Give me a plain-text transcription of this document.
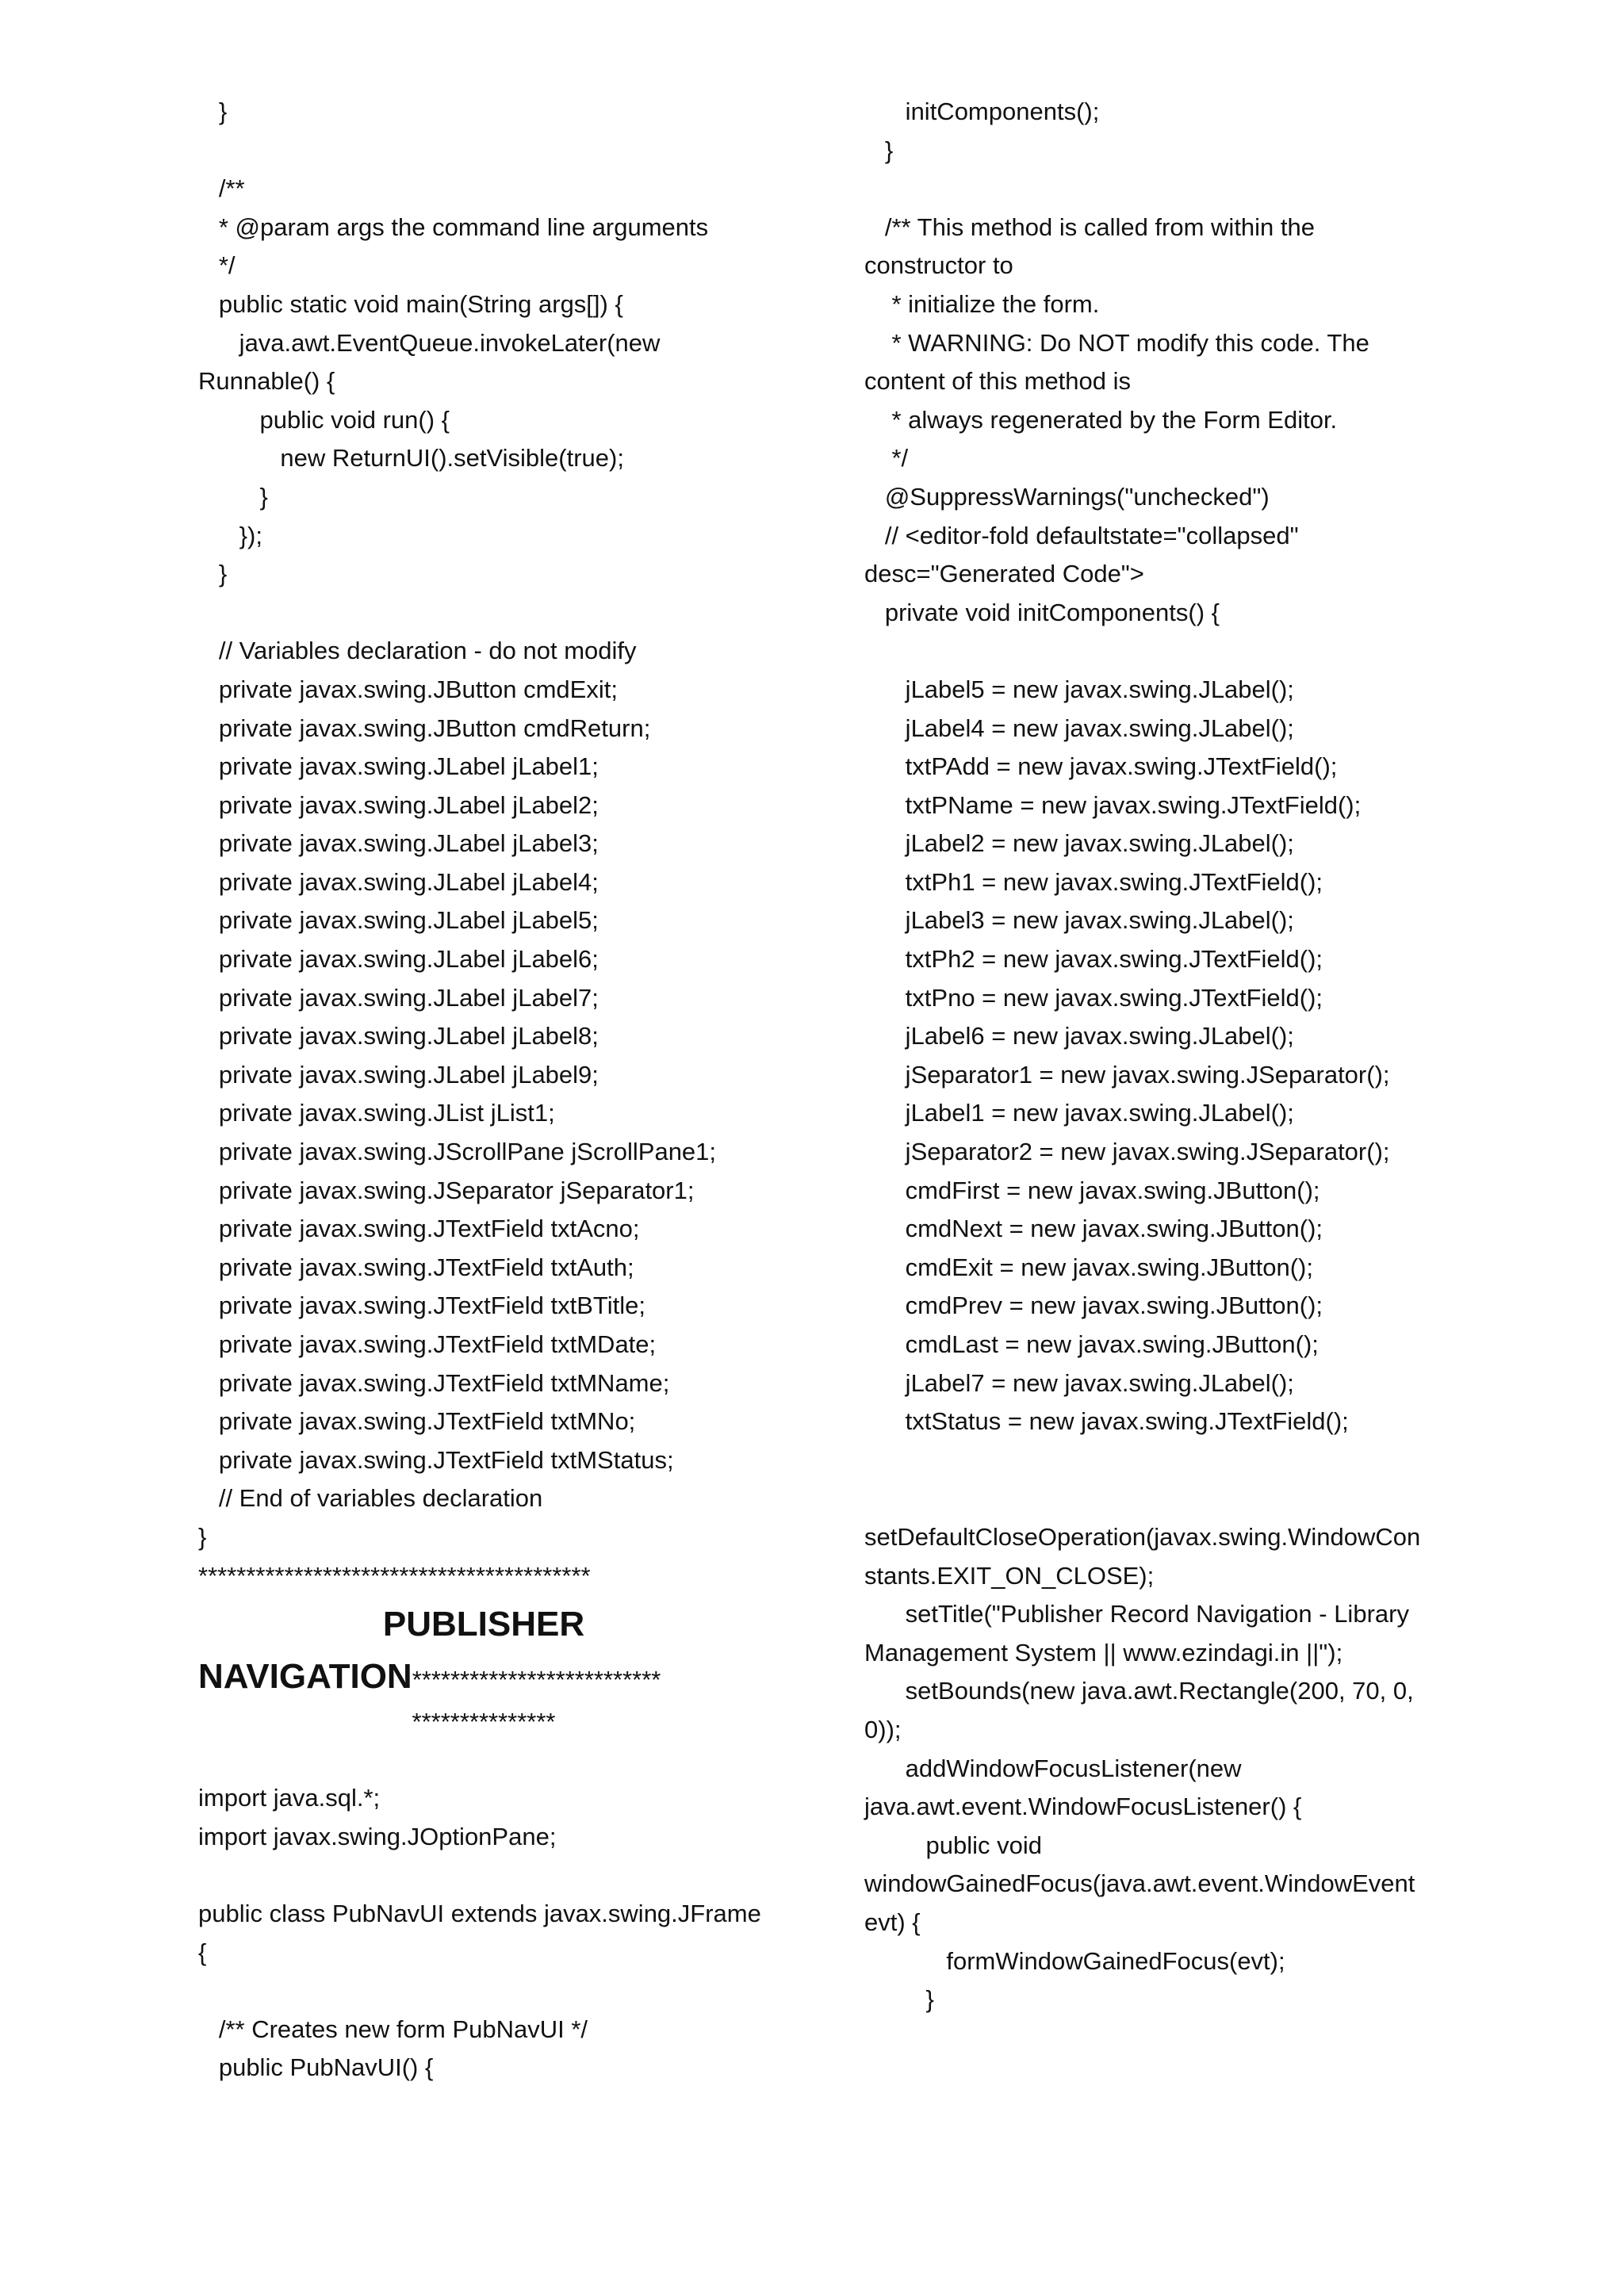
}
/**
* @param args the command line arguments
*/
public static void main(String args[]) {
java.awt.EventQueue.invokeLater(new
Runnable() {
public void run() {
new ReturnUI().setVisible(true);
}
});
}
// Variables declaration - do not modify
private javax.swing.JButton cmdExit;
private javax.swing.JButton cmdReturn;
private javax.swing.JLabel jLabel1;
private javax.swing.JLabel jLabel2;
private javax.swing.JLabel jLabel3;
private javax.swing.JLabel jLabel4;
private javax.swing.JLabel jLabel5;
private javax.swing.JLabel jLabel6;
private javax.swing.JLabel jLabel7;
private javax.swing.JLabel jLabel8;
private javax.swing.JLabel jLabel9;
private javax.swing.JList jList1;
private javax.swing.JScrollPane jScrollPane1;
private javax.swing.JSeparator jSeparator1;
private javax.swing.JTextField txtAcno;
private javax.swing.JTextField txtAuth;
private javax.swing.JTextField txtBTitle;
private javax.swing.JTextField txtMDate;
private javax.swing.JTextField txtMName;
private javax.swing.JTextField txtMNo;
private javax.swing.JTextField txtMStatus;
// End of variables declaration
}
*****************************************
PUBLISHER
NAVIGATION**************************
***************
import java.sql.*;
import javax.swing.JOptionPane;
public class PubNavUI extends javax.swing.JFrame
{
/** Creates new form PubNavUI */
public PubNavUI() {
initComponents();
}
/** This method is called from within the
constructor to
* initialize the form.
* WARNING: Do NOT modify this code. The
content of this method is
* always regenerated by the Form Editor.
*/
@SuppressWarnings("unchecked")
// <editor-fold defaultstate="collapsed"
desc="Generated Code">
private void initComponents() {
jLabel5 = new javax.swing.JLabel();
jLabel4 = new javax.swing.JLabel();
txtPAdd = new javax.swing.JTextField();
txtPName = new javax.swing.JTextField();
jLabel2 = new javax.swing.JLabel();
txtPh1 = new javax.swing.JTextField();
jLabel3 = new javax.swing.JLabel();
txtPh2 = new javax.swing.JTextField();
txtPno = new javax.swing.JTextField();
jLabel6 = new javax.swing.JLabel();
jSeparator1 = new javax.swing.JSeparator();
jLabel1 = new javax.swing.JLabel();
jSeparator2 = new javax.swing.JSeparator();
cmdFirst = new javax.swing.JButton();
cmdNext = new javax.swing.JButton();
cmdExit = new javax.swing.JButton();
cmdPrev = new javax.swing.JButton();
cmdLast = new javax.swing.JButton();
jLabel7 = new javax.swing.JLabel();
txtStatus = new javax.swing.JTextField();
setDefaultCloseOperation(javax.swing.WindowCon
stants.EXIT_ON_CLOSE);
setTitle("Publisher Record Navigation - Library
Management System || www.ezindagi.in ||");
setBounds(new java.awt.Rectangle(200, 70, 0,
0));
addWindowFocusListener(new
java.awt.event.WindowFocusListener() {
public void
windowGainedFocus(java.awt.event.WindowEvent
evt) {
formWindowGainedFocus(evt);
}
